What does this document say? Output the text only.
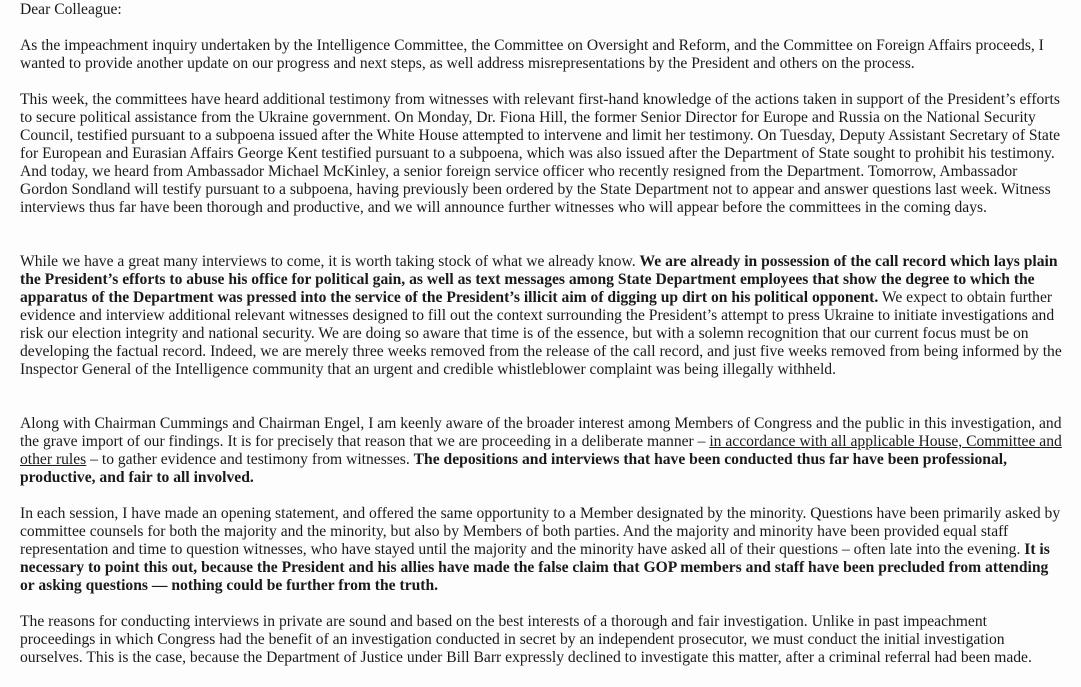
Dear Colleague:

As the impeachment inquiry undertaken by the Intelligence Committee, the Committee on Oversight and Reform, and the Committee on Foreign Affairs proceeds, I wanted to provide another update on our progress and next steps, as well address misrepresentations by the President and others on the process.

This week, the committees have heard additional testimony from witnesses with relevant first-hand knowledge of the actions taken in support of the President’s efforts to secure political assistance from the Ukraine government. On Monday, Dr. Fiona Hill, the former Senior Director for Europe and Russia on the National Security Council, testified pursuant to a subpoena issued after the White House attempted to intervene and limit her testimony. On Tuesday, Deputy Assistant Secretary of State for European and Eurasian Affairs George Kent testified pursuant to a subpoena, which was also issued after the Department of State sought to prohibit his testimony. And today, we heard from Ambassador Michael McKinley, a senior foreign service officer who recently resigned from the Department. Tomorrow, Ambassador Gordon Sondland will testify pursuant to a subpoena, having previously been ordered by the State Department not to appear and answer questions last week. Witness interviews thus far have been thorough and productive, and we will announce further witnesses who will appear before the committees in the coming days.

While we have a great many interviews to come, it is worth taking stock of what we already know. We are already in possession of the call record which lays plain the President’s efforts to abuse his office for political gain, as well as text messages among State Department employees that show the degree to which the apparatus of the Department was pressed into the service of the President’s illicit aim of digging up dirt on his political opponent. We expect to obtain further evidence and interview additional relevant witnesses designed to fill out the context surrounding the President’s attempt to press Ukraine to initiate investigations and risk our election integrity and national security. We are doing so aware that time is of the essence, but with a solemn recognition that our current focus must be on developing the factual record. Indeed, we are merely three weeks removed from the release of the call record, and just five weeks removed from being informed by the Inspector General of the Intelligence community that an urgent and credible whistleblower complaint was being illegally withheld.

Along with Chairman Cummings and Chairman Engel, I am keenly aware of the broader interest among Members of Congress and the public in this investigation, and the grave import of our findings. It is for precisely that reason that we are proceeding in a deliberate manner – in accordance with all applicable House, Committee and other rules – to gather evidence and testimony from witnesses. The depositions and interviews that have been conducted thus far have been professional, productive, and fair to all involved.

In each session, I have made an opening statement, and offered the same opportunity to a Member designated by the minority. Questions have been primarily asked by committee counsels for both the majority and the minority, but also by Members of both parties. And the majority and minority have been provided equal staff representation and time to question witnesses, who have stayed until the majority and the minority have asked all of their questions – often late into the evening. It is necessary to point this out, because the President and his allies have made the false claim that GOP members and staff have been precluded from attending or asking questions — nothing could be further from the truth.

The reasons for conducting interviews in private are sound and based on the best interests of a thorough and fair investigation. Unlike in past impeachment proceedings in which Congress had the benefit of an investigation conducted in secret by an independent prosecutor, we must conduct the initial investigation ourselves. This is the case, because the Department of Justice under Bill Barr expressly declined to investigate this matter, after a criminal referral had been made.
